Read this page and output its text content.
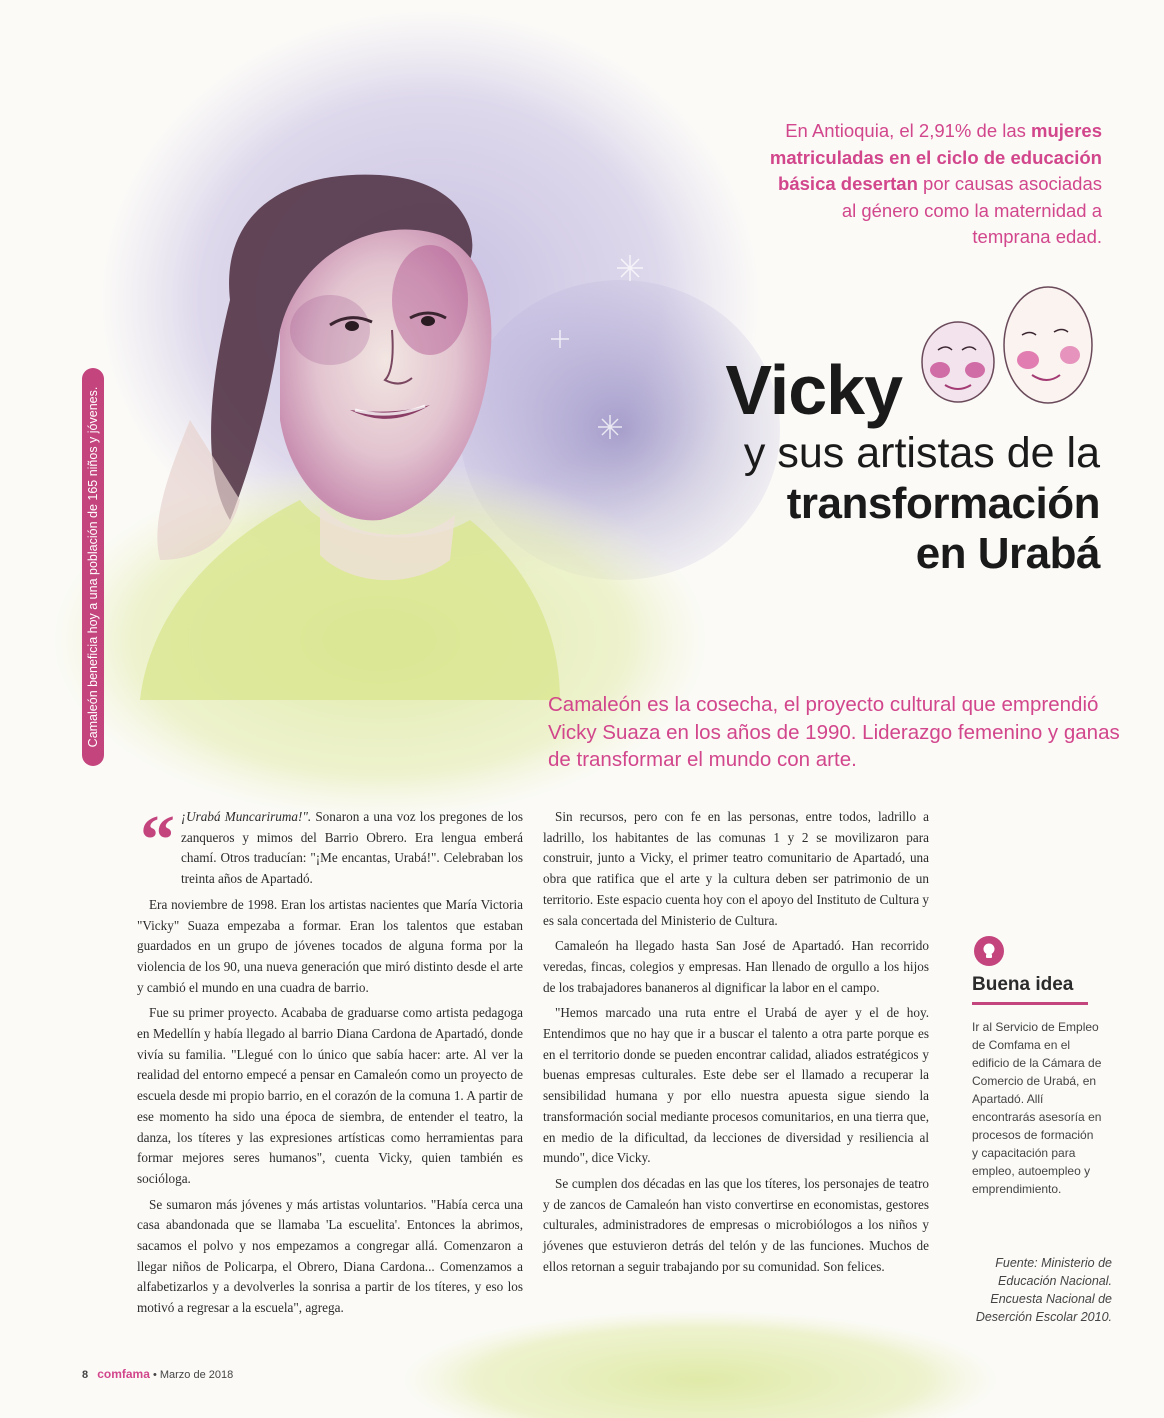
Camaleón beneficia hoy a una población de 165 niños y jóvenes.
En Antioquia, el 2,91% de las mujeres matriculadas en el ciclo de educación básica desertan por causas asociadas al género como la maternidad a temprana edad.
Vicky
y sus artistas de la
transformación
en Urabá
Camaleón es la cosecha, el proyecto cultural que emprendió Vicky Suaza en los años de 1990. Liderazgo femenino y ganas de transformar el mundo con arte.
“ ¡Urabá Muncariruma!". Sonaron a una voz los pregones de los zanqueros y mimos del Barrio Obrero. Era lengua emberá chamí. Otros traducían: "¡Me encantas, Urabá!". Celebraban los treinta años de Apartadó.

Era noviembre de 1998. Eran los artistas nacientes que María Victoria "Vicky" Suaza empezaba a formar. Eran los talentos que estaban guardados en un grupo de jóvenes tocados de alguna forma por la violencia de los 90, una nueva generación que miró distinto desde el arte y cambió el mundo en una cuadra de barrio.

Fue su primer proyecto. Acababa de graduarse como artista pedagoga en Medellín y había llegado al barrio Diana Cardona de Apartadó, donde vivía su familia. "Llegué con lo único que sabía hacer: arte. Al ver la realidad del entorno empecé a pensar en Camaleón como un proyecto de escuela desde mi propio barrio, en el corazón de la comuna 1. A partir de ese momento ha sido una época de siembra, de entender el teatro, la danza, los títeres y las expresiones artísticas como herramientas para formar mejores seres humanos", cuenta Vicky, quien también es socióloga.

Se sumaron más jóvenes y más artistas voluntarios. "Había cerca una casa abandonada que se llamaba 'La escuelita'. Entonces la abrimos, sacamos el polvo y nos empezamos a congregar allá. Comenzaron a llegar niños de Policarpa, el Obrero, Diana Cardona... Comenzamos a alfabetizarlos y a devolverles la sonrisa a partir de los títeres, y eso los motivó a regresar a la escuela", agrega.

Sin recursos, pero con fe en las personas, entre todos, ladrillo a ladrillo, los habitantes de las comunas 1 y 2 se movilizaron para construir, junto a Vicky, el primer teatro comunitario de Apartadó, una obra que ratifica que el arte y la cultura deben ser patrimonio de un territorio. Este espacio cuenta hoy con el apoyo del Instituto de Cultura y es sala concertada del Ministerio de Cultura.

Camaleón ha llegado hasta San José de Apartadó. Han recorrido veredas, fincas, colegios y empresas. Han llenado de orgullo a los hijos de los trabajadores bananeros al dignificar la labor en el campo.

"Hemos marcado una ruta entre el Urabá de ayer y el de hoy. Entendimos que no hay que ir a buscar el talento a otra parte porque es en el territorio donde se pueden encontrar calidad, aliados estratégicos y buenas empresas culturales. Este debe ser el llamado a recuperar la sensibilidad humana y por ello nuestra apuesta sigue siendo la transformación social mediante procesos comunitarios, en una tierra que, en medio de la dificultad, da lecciones de diversidad y resiliencia al mundo", dice Vicky.

Se cumplen dos décadas en las que los títeres, los personajes de teatro y de zancos de Camaleón han visto convertirse en economistas, gestores culturales, administradores de empresas o microbiólogos a los niños y jóvenes que estuvieron detrás del telón y de las funciones. Muchos de ellos retornan a seguir trabajando por su comunidad. Son felices.

Buena idea
Ir al Servicio de Empleo de Comfama en el edificio de la Cámara de Comercio de Urabá, en Apartadó. Allí encontrarás asesoría en procesos de formación y capacitación para empleo, autoempleo y emprendimiento.
Fuente: Ministerio de Educación Nacional. Encuesta Nacional de Deserción Escolar 2010.
8 comfama • Marzo de 2018
